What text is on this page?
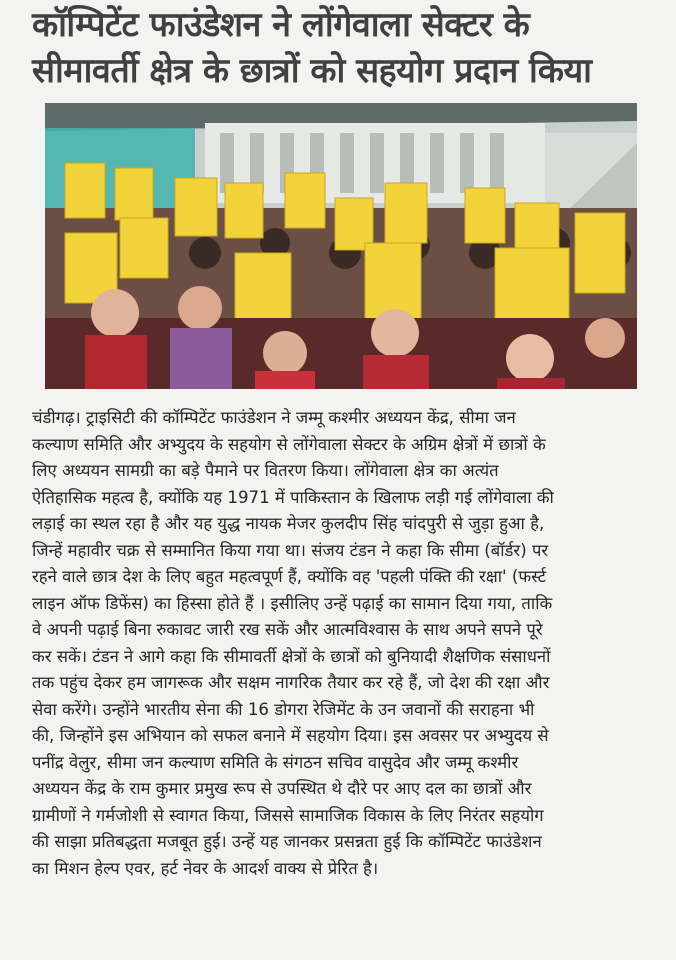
कॉम्पिटेंट फाउंडेशन ने लोंगेवाला सेक्टर के
सीमावर्ती क्षेत्र के छात्रों को सहयोग प्रदान किया
चंडीगढ़। ट्राइसिटी की कॉम्पिटेंट फाउंडेशन ने जम्मू कश्मीर अध्ययन केंद्र, सीमा जन
कल्याण समिति और अभ्युदय के सहयोग से लोंगेवाला सेक्टर के अग्रिम क्षेत्रों में छात्रों के
लिए अध्ययन सामग्री का बड़े पैमाने पर वितरण किया। लोंगेवाला क्षेत्र का अत्यंत
ऐतिहासिक महत्व है, क्योंकि यह 1971 में पाकिस्तान के खिलाफ लड़ी गई लोंगेवाला की
लड़ाई का स्थल रहा है और यह युद्ध नायक मेजर कुलदीप सिंह चांदपुरी से जुड़ा हुआ है,
जिन्हें महावीर चक्र से सम्मानित किया गया था। संजय टंडन ने कहा कि सीमा (बॉर्डर) पर
रहने वाले छात्र देश के लिए बहुत महत्वपूर्ण हैं, क्योंकि वह 'पहली पंक्ति की रक्षा' (फर्स्ट
लाइन ऑफ डिफेंस) का हिस्सा होते हैं । इसीलिए उन्हें पढ़ाई का सामान दिया गया, ताकि
वे अपनी पढ़ाई बिना रुकावट जारी रख सकें और आत्मविश्वास के साथ अपने सपने पूरे
कर सकें। टंडन ने आगे कहा कि सीमावर्ती क्षेत्रों के छात्रों को बुनियादी शैक्षणिक संसाधनों
तक पहुंच देकर हम जागरूक और सक्षम नागरिक तैयार कर रहे हैं, जो देश की रक्षा और
सेवा करेंगे। उन्होंने भारतीय सेना की 16 डोगरा रेजिमेंट के उन जवानों की सराहना भी
की, जिन्होंने इस अभियान को सफल बनाने में सहयोग दिया। इस अवसर पर अभ्युदय से
पनींद्र वेलुर, सीमा जन कल्याण समिति के संगठन सचिव वासुदेव और जम्मू कश्मीर
अध्ययन केंद्र के राम कुमार प्रमुख रूप से उपस्थित थे दौरे पर आए दल का छात्रों और
ग्रामीणों ने गर्मजोशी से स्वागत किया, जिससे सामाजिक विकास के लिए निरंतर सहयोग
की साझा प्रतिबद्धता मजबूत हुई। उन्हें यह जानकर प्रसन्नता हुई कि कॉम्पिटेंट फाउंडेशन
का मिशन हेल्प एवर, हर्ट नेवर के आदर्श वाक्य से प्रेरित है।
